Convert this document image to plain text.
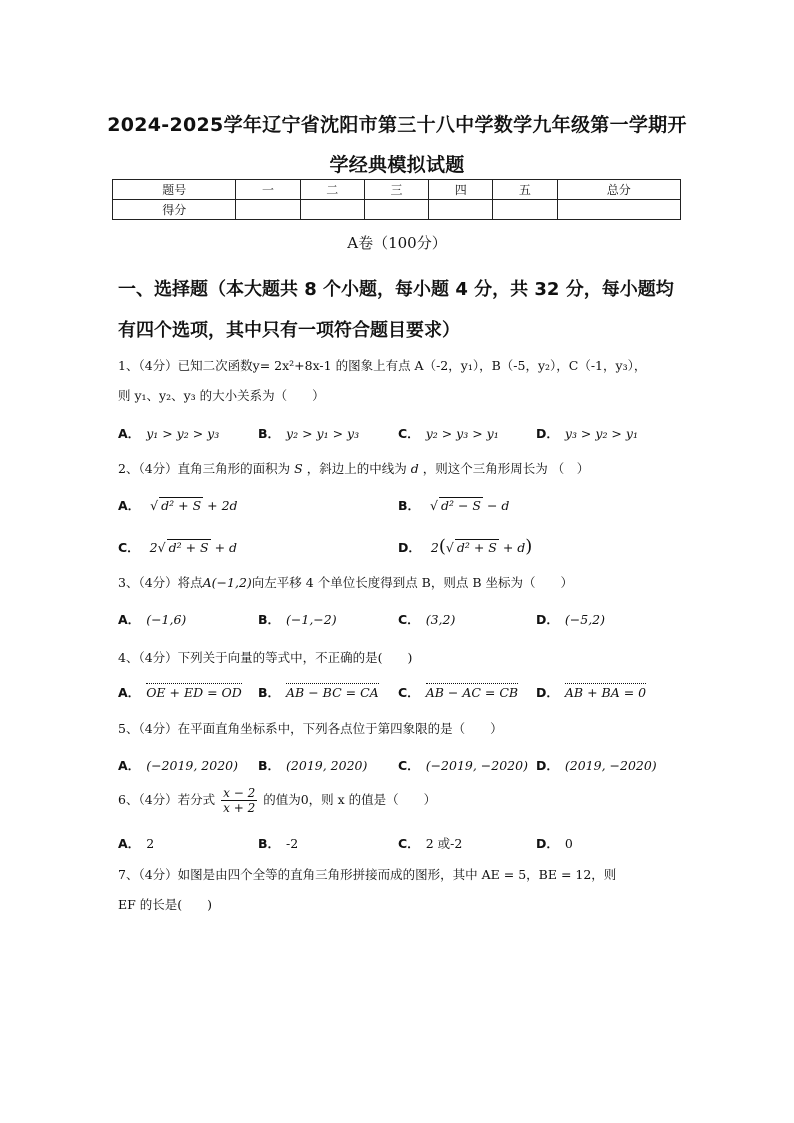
2024-2025学年辽宁省沈阳市第三十八中学数学九年级第一学期开
学经典模拟试题
题号	一	二	三	四	五	总分
得分						
A卷（100分）
一、选择题（本大题共 8 个小题，每小题 4 分，共 32 分，每小题均
有四个选项，其中只有一项符合题目要求）
1、（4分）已知二次函数y= 2x²+8x-1 的图象上有点 A（-2，y₁），B（-5，y₂），C（-1，y₃），
则 y₁、y₂、y₃ 的大小关系为（　　）
A． y₁ > y₂ > y₃	B． y₂ > y₁ > y₃	C． y₂ > y₃ > y₁	D． y₃ > y₂ > y₁
2、（4分）直角三角形的面积为 S ，斜边上的中线为 d ，则这个三角形周长为 （　）
A． √ d² + S + 2d	B． √ d² − S − d
C． 2√ d² + S + d	D． 2(√ d² + S + d)
3、（4分）将点A(−1,2)向左平移 4 个单位长度得到点 B，则点 B 坐标为（　　）
A． (−1,6)	B． (−1,−2)	C． (3,2)	D． (−5,2)
4、（4分）下列关于向量的等式中，不正确的是(　　)
A． OE + ED = OD B． AB − BC = CA C． AB − AC = CB D． AB + BA = 0
5、（4分）在平面直角坐标系中，下列各点位于第四象限的是（　　）
A． (−2019, 2020) B． (2019, 2020) C． (−2019, −2020) D． (2019, −2020)
6、（4分）若分式 $\frac{x - 2}{x + 2}$ 的值为0，则 x 的值是（　　）
A． 2	B． -2	C． 2 或-2	D． 0
7、（4分）如图是由四个全等的直角三角形拼接而成的图形，其中 AE = 5，BE = 12，则
EF 的长是(　　)
